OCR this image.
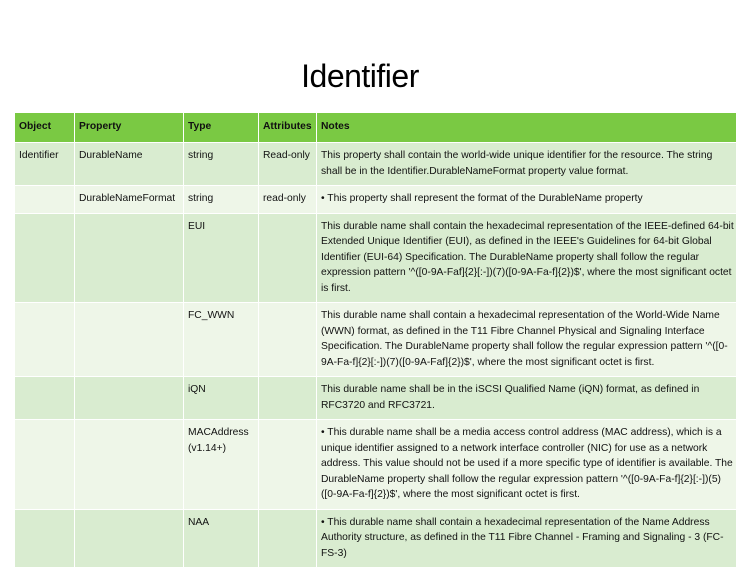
Identifier
Object	Property	Type	Attributes	Notes
Identifier	DurableName	string	Read-only	This property shall contain the world-wide unique identifier for the resource. The string shall be in the Identifier.DurableNameFormat property value format.
	DurableNameFormat	string	read-only	• This property shall represent the format of the DurableName property
		EUI		This durable name shall contain the hexadecimal representation of the IEEE-defined 64-bit Extended Unique Identifier (EUI), as defined in the IEEE's Guidelines for 64-bit Global Identifier (EUI-64) Specification. The DurableName property shall follow the regular expression pattern '^([0-9A-Faf]{2}[:-])(7)([0-9A-Fa-f]{2})$', where the most significant octet is first.
		FC_WWN		This durable name shall contain a hexadecimal representation of the World-Wide Name (WWN) format, as defined in the T11 Fibre Channel Physical and Signaling Interface Specification. The DurableName property shall follow the regular expression pattern '^([0-9A-Fa-f]{2}[:-])(7)([0-9A-Faf]{2})$', where the most significant octet is first.
		iQN		This durable name shall be in the iSCSI Qualified Name (iQN) format, as defined in RFC3720 and RFC3721.
		MACAddress (v1.14+)		• This durable name shall be a media access control address (MAC address), which is a unique identifier assigned to a network interface controller (NIC) for use as a network address. This value should not be used if a more specific type of identifier is available. The DurableName property shall follow the regular expression pattern '^([0-9A-Fa-f]{2}[:-])(5)([0-9A-Fa-f]{2})$', where the most significant octet is first.
		NAA		• This durable name shall contain a hexadecimal representation of the Name Address Authority structure, as defined in the T11 Fibre Channel - Framing and Signaling - 3 (FC-FS-3)
